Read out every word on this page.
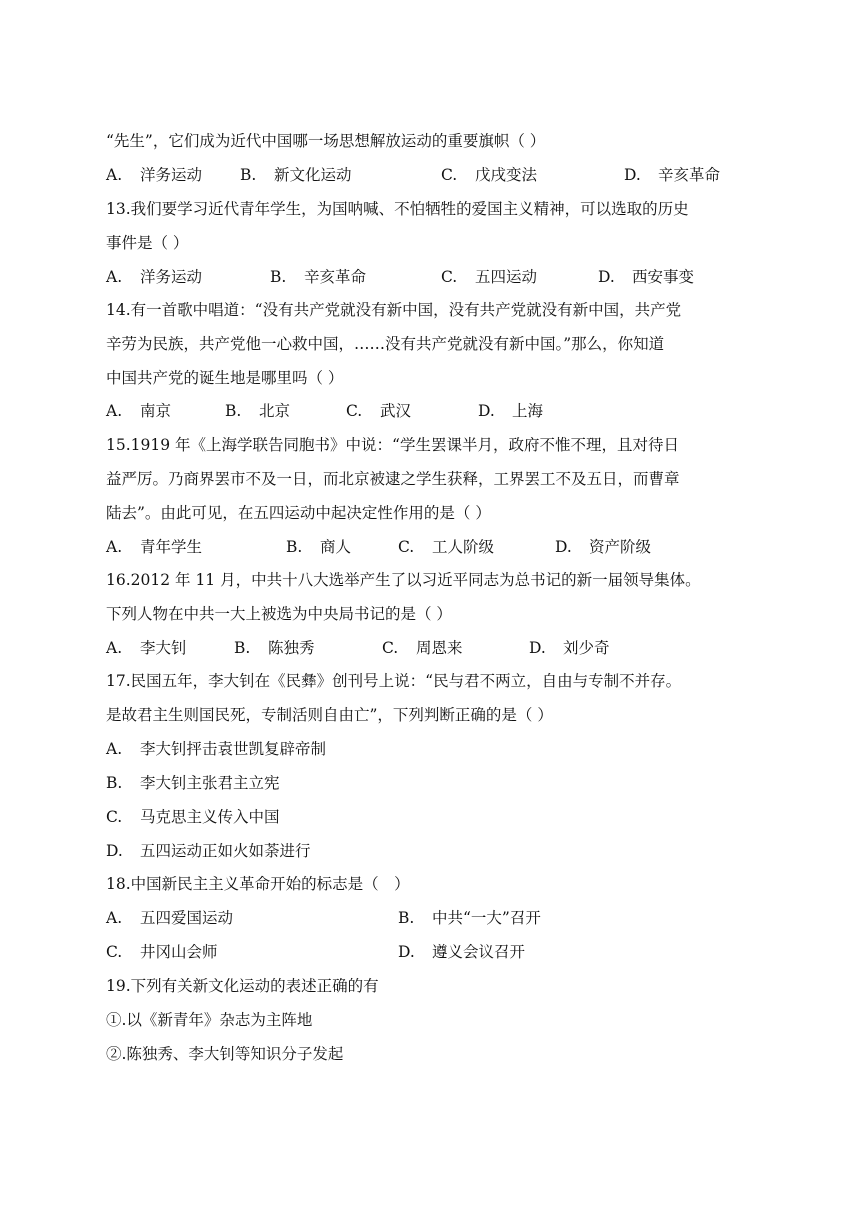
“先生”，它们成为近代中国哪一场思想解放运动的重要旗帜（ ）
A. 洋务运动 B. 新文化运动	C. 戊戌变法	D. 辛亥革命
13.我们要学习近代青年学生，为国呐喊、不怕牺牲的爱国主义精神，可以选取的历史
事件是（ ）
A. 洋务运动	B. 辛亥革命	C. 五四运动	D. 西安事变
14.有一首歌中唱道：“没有共产党就没有新中国，没有共产党就没有新中国，共产党
辛劳为民族，共产党他一心救中国，……没有共产党就没有新中国。”那么，你知道
中国共产党的诞生地是哪里吗（ ）
A. 南京	B. 北京	C. 武汉	D. 上海
15.1919 年《上海学联告同胞书》中说：“学生罢课半月，政府不惟不理，且对待日
益严厉。乃商界罢市不及一日，而北京被逮之学生获释，工界罢工不及五日，而曹章
陆去”。由此可见，在五四运动中起决定性作用的是（ ）
A. 青年学生	B. 商人	C. 工人阶级	D. 资产阶级
16.2012 年 11 月，中共十八大选举产生了以习近平同志为总书记的新一届领导集体。
下列人物在中共一大上被选为中央局书记的是（ ）
A. 李大钊	B. 陈独秀	C. 周恩来	D. 刘少奇
17.民国五年，李大钊在《民彝》创刊号上说：“民与君不两立，自由与专制不并存。
是故君主生则国民死，专制活则自由亡”，下列判断正确的是（ ）
A. 李大钊抨击袁世凯复辟帝制
B. 李大钊主张君主立宪
C. 马克思主义传入中国
D. 五四运动正如火如荼进行
18.中国新民主主义革命开始的标志是（　）
A. 五四爱国运动	B. 中共“一大”召开
C. 井冈山会师	D. 遵义会议召开
19.下列有关新文化运动的表述正确的有
①.以《新青年》杂志为主阵地
②.陈独秀、李大钊等知识分子发起
